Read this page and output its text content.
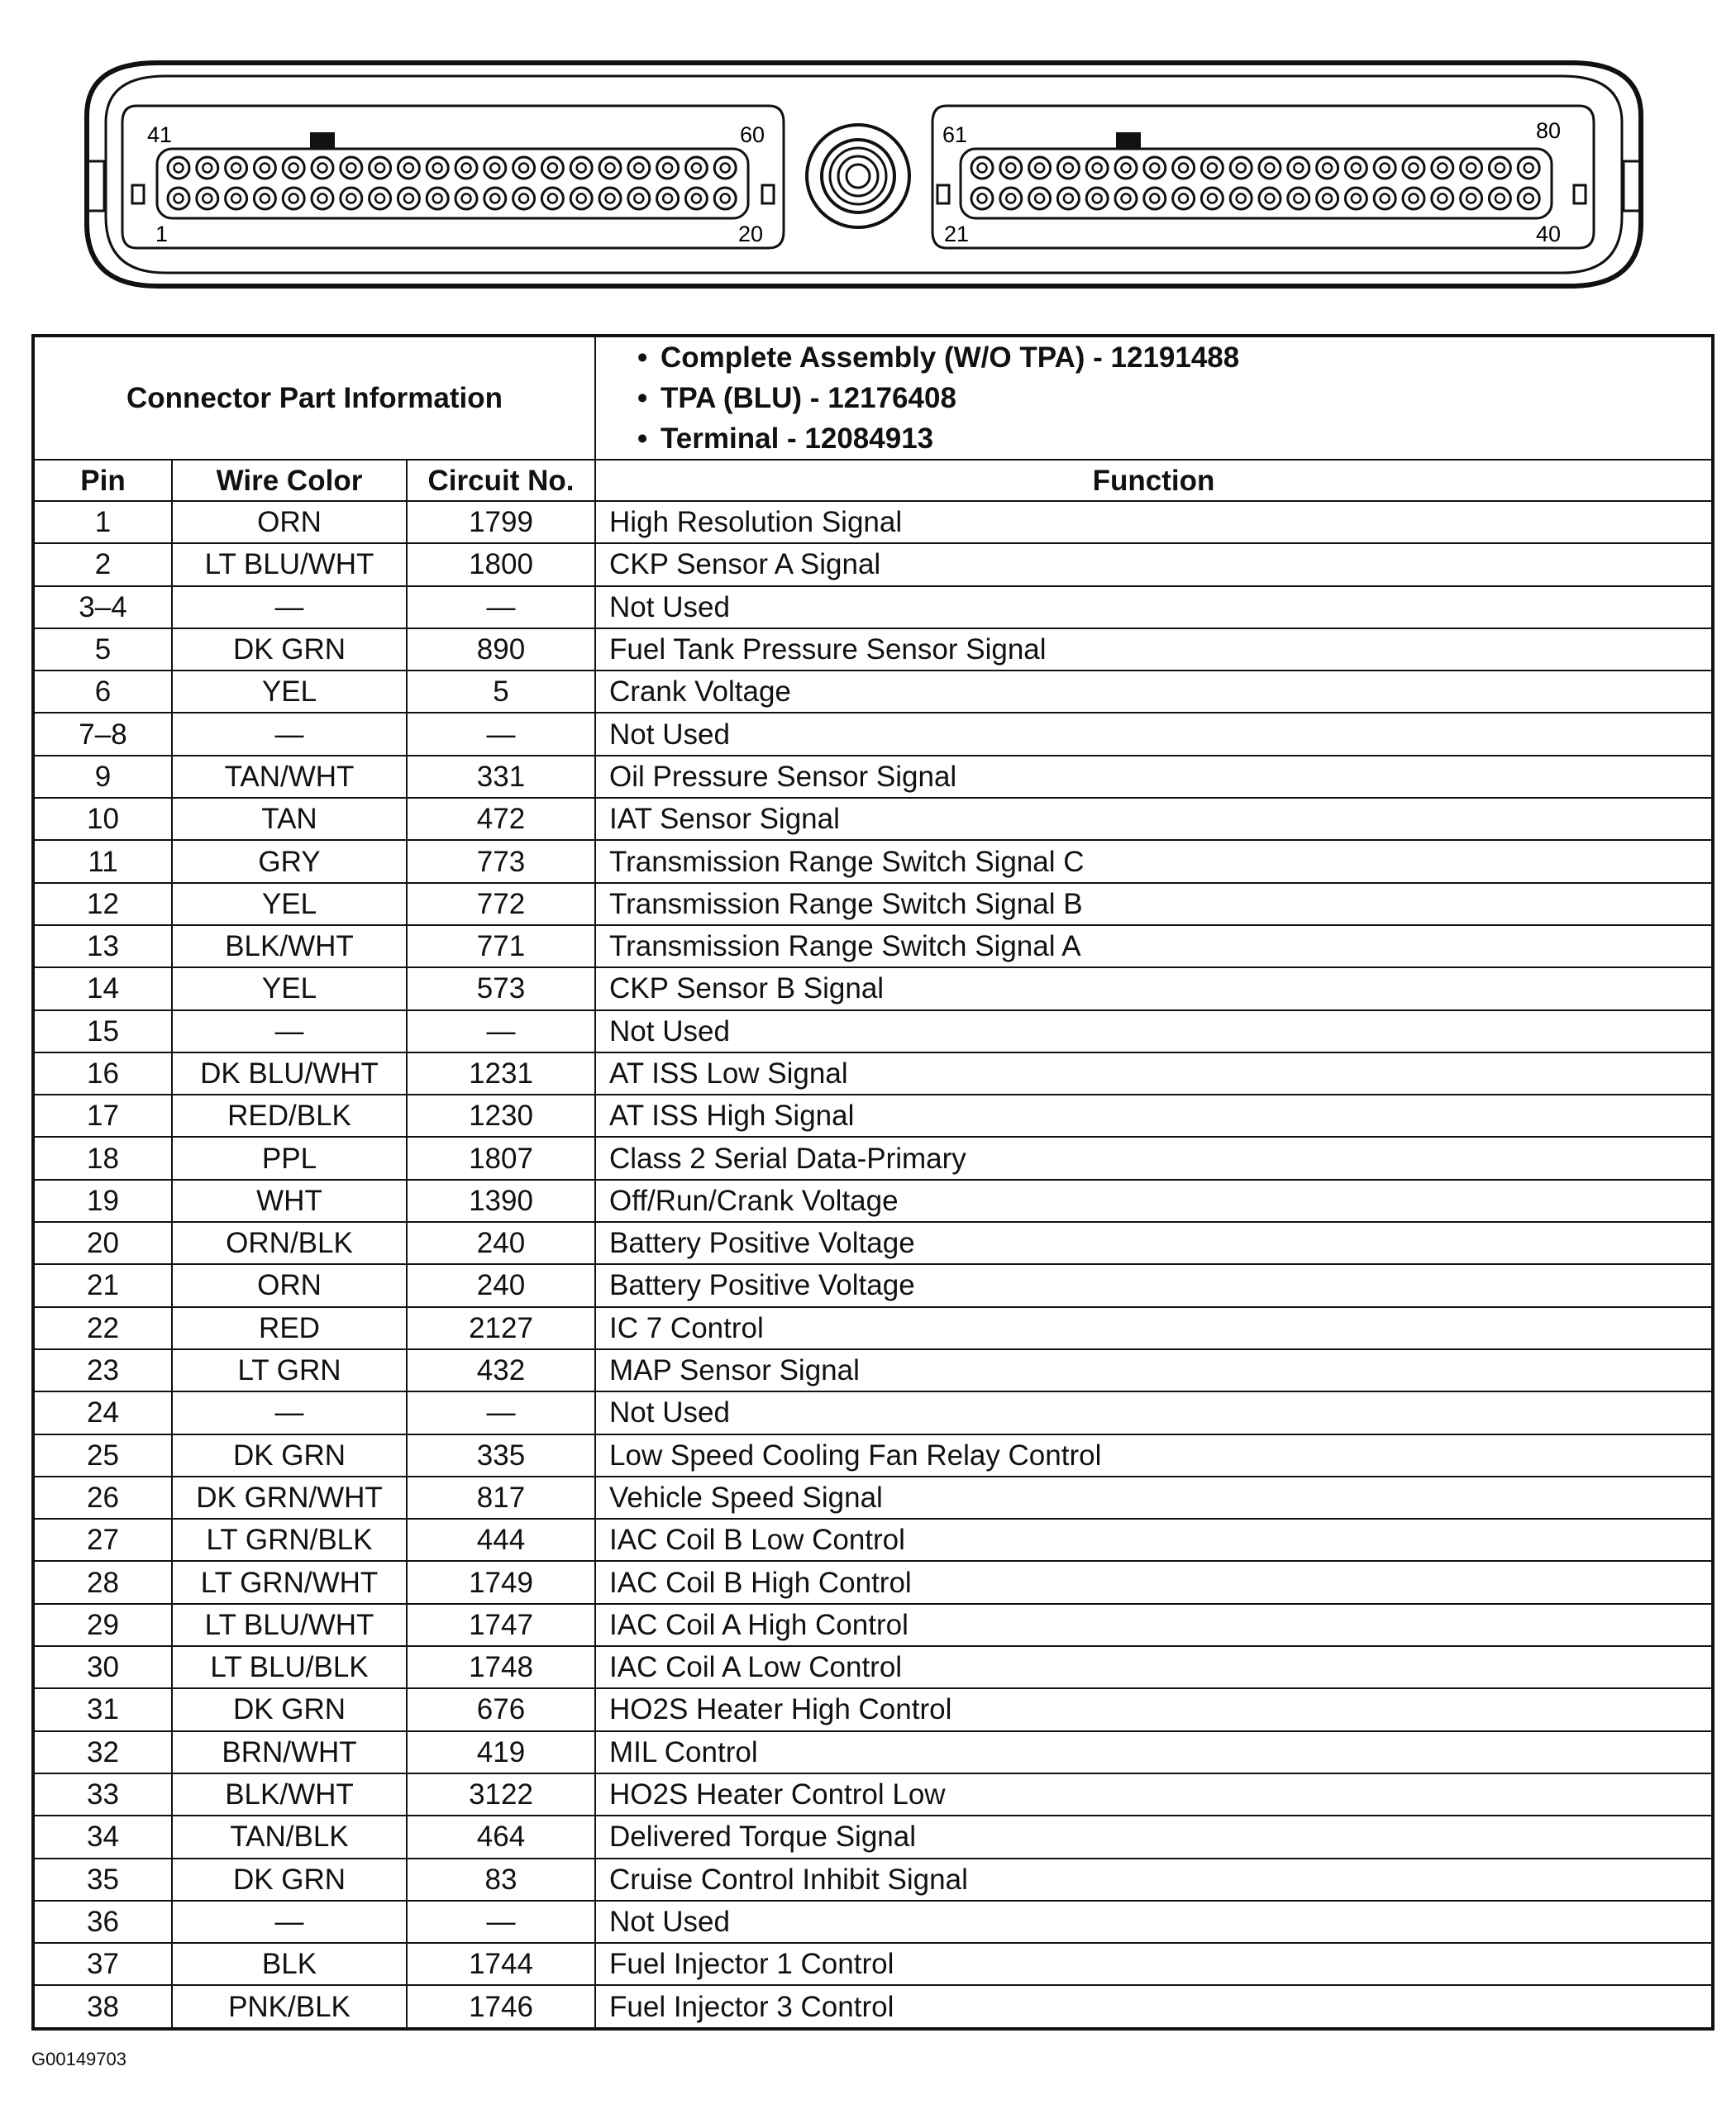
41	60
1	20
61	80
21	40
Connector Part Information			• Complete Assembly (W/O TPA) - 12191488
• TPA (BLU) - 12176408
• Terminal - 12084913

Pin	Wire Color	Circuit No.	Function
1	ORN	1799	High Resolution Signal
2	LT BLU/WHT	1800	CKP Sensor A Signal
3–4	—	—	Not Used
5	DK GRN	890	Fuel Tank Pressure Sensor Signal
6	YEL	5	Crank Voltage
7–8	—	—	Not Used
9	TAN/WHT	331	Oil Pressure Sensor Signal
10	TAN	472	IAT Sensor Signal
11	GRY	773	Transmission Range Switch Signal C
12	YEL	772	Transmission Range Switch Signal B
13	BLK/WHT	771	Transmission Range Switch Signal A
14	YEL	573	CKP Sensor B Signal
15	—	—	Not Used
16	DK BLU/WHT	1231	AT ISS Low Signal
17	RED/BLK	1230	AT ISS High Signal
18	PPL	1807	Class 2 Serial Data-Primary
19	WHT	1390	Off/Run/Crank Voltage
20	ORN/BLK	240	Battery Positive Voltage
21	ORN	240	Battery Positive Voltage
22	RED	2127	IC 7 Control
23	LT GRN	432	MAP Sensor Signal
24	—	—	Not Used
25	DK GRN	335	Low Speed Cooling Fan Relay Control
26	DK GRN/WHT	817	Vehicle Speed Signal
27	LT GRN/BLK	444	IAC Coil B Low Control
28	LT GRN/WHT	1749	IAC Coil B High Control
29	LT BLU/WHT	1747	IAC Coil A High Control
30	LT BLU/BLK	1748	IAC Coil A Low Control
31	DK GRN	676	HO2S Heater High Control
32	BRN/WHT	419	MIL Control
33	BLK/WHT	3122	HO2S Heater Control Low
34	TAN/BLK	464	Delivered Torque Signal
35	DK GRN	83	Cruise Control Inhibit Signal
36	—	—	Not Used
37	BLK	1744	Fuel Injector 1 Control
38	PNK/BLK	1746	Fuel Injector 3 Control
G00149703
